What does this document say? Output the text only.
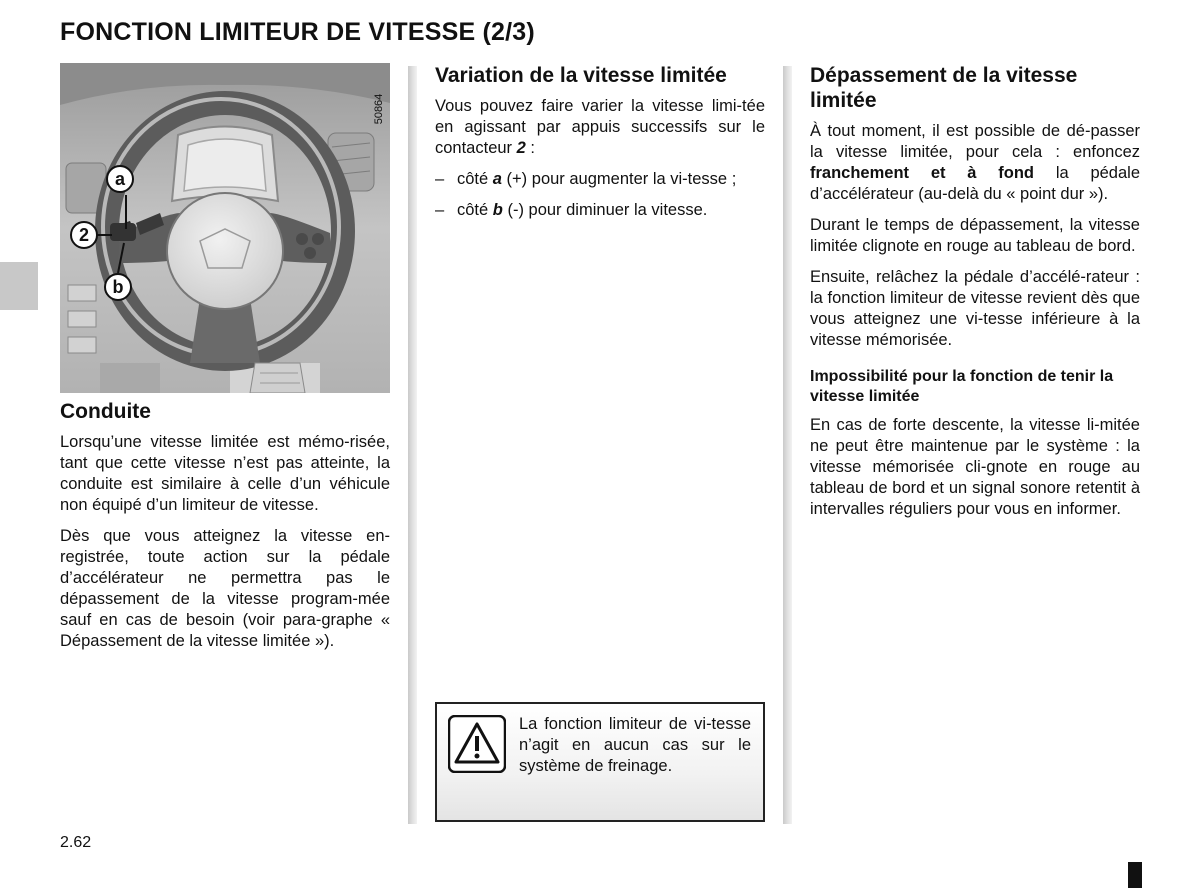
FONCTION LIMITEUR DE VITESSE (2/3)
a
2
b
50864
Conduite

Lorsqu’une vitesse limitée est mémo-risée, tant que cette vitesse n’est pas atteinte, la conduite est similaire à celle d’un véhicule non équipé d’un limiteur de vitesse.

Dès que vous atteignez la vitesse en-registrée, toute action sur la pédale d’accélérateur ne permettra pas le dépassement de la vitesse program-mée sauf en cas de besoin (voir para-graphe « Dépassement de la vitesse limitée »).

Variation de la vitesse limitée

Vous pouvez faire varier la vitesse limi-tée en agissant par appuis successifs sur le contacteur 2 :

– côté a (+) pour augmenter la vi-tesse ;
– côté b (-) pour diminuer la vitesse.

La fonction limiteur de vi-tesse n’agit en aucun cas sur le système de freinage.

Dépassement de la vitesse limitée

À tout moment, il est possible de dé-passer la vitesse limitée, pour cela : enfoncez franchement et à fond la pédale d’accélérateur (au-delà du « point dur »).

Durant le temps de dépassement, la vitesse limitée clignote en rouge au tableau de bord.

Ensuite, relâchez la pédale d’accélé-rateur : la fonction limiteur de vitesse revient dès que vous atteignez une vi-tesse inférieure à la vitesse mémorisée.

Impossibilité pour la fonction de tenir la vitesse limitée

En cas de forte descente, la vitesse li-mitée ne peut être maintenue par le système : la vitesse mémorisée cli-gnote en rouge au tableau de bord et un signal sonore retentit à intervalles réguliers pour vous en informer.

2.62
